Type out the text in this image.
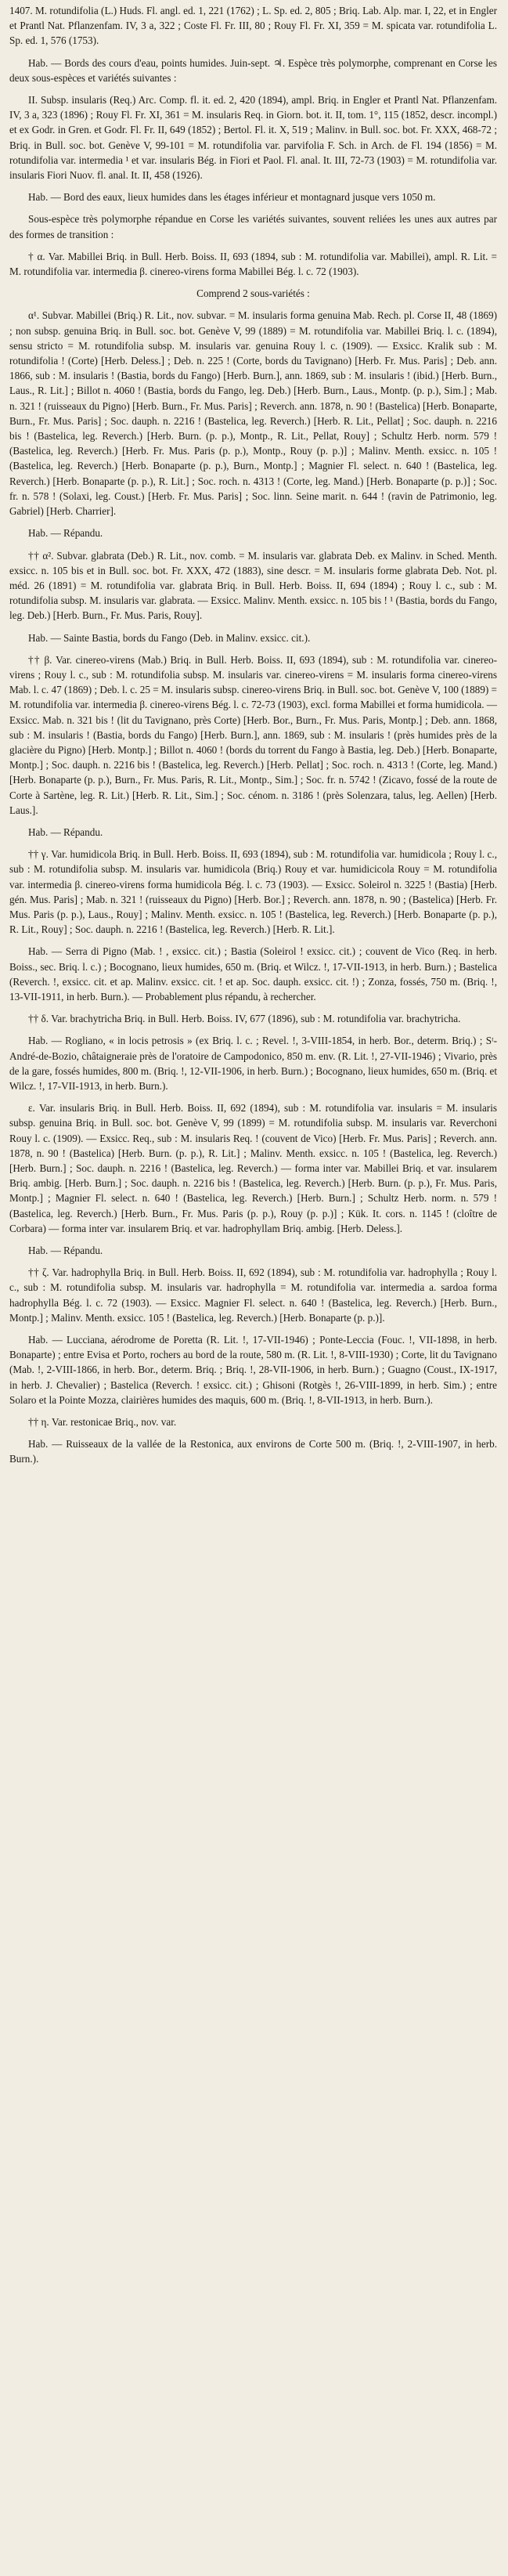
1407. M. rotundifolia (L.) Huds. Fl. angl. ed. 1, 221 (1762) ; L. Sp. ed. 2, 805 ; Briq. Lab. Alp. mar. I, 22, et in Engler et Prantl Nat. Pflanzenfam. IV, 3 a, 322 ; Coste Fl. Fr. III, 80 ; Rouy Fl. Fr. XI, 359 = M. spicata var. rotundifolia L. Sp. ed. 1, 576 (1753).

Hab. — Bords des cours d'eau, points humides. Juin-sept. ♃. Espèce très polymorphe, comprenant en Corse les deux sous-espèces et variétés suivantes :

II. Subsp. insularis (Req.) Arc. Comp. fl. it. ed. 2, 420 (1894), ampl. Briq. in Engler et Prantl Nat. Pflanzenfam. IV, 3 a, 323 (1896) ; Rouy Fl. Fr. XI, 361 = M. insularis Req. in Giorn. bot. it. II, tom. 1°, 115 (1852, descr. incompl.) et ex Godr. in Gren. et Godr. Fl. Fr. II, 649 (1852) ; Bertol. Fl. it. X, 519 ; Malinv. in Bull. soc. bot. Fr. XXX, 468-72 ; Briq. in Bull. soc. bot. Genève V, 99-101 = M. rotundifolia var. parvifolia F. Sch. in Arch. de Fl. 194 (1856) = M. rotundifolia var. intermedia ¹ et var. insularis Bég. in Fiori et Paol. Fl. anal. It. III, 72-73 (1903) = M. rotundifolia var. insularis Fiori Nuov. fl. anal. It. II, 458 (1926).

Hab. — Bord des eaux, lieux humides dans les étages inférieur et montagnard jusque vers 1050 m.

Sous-espèce très polymorphe répandue en Corse les variétés suivantes, souvent reliées les unes aux autres par des formes de transition :

† α. Var. Mabillei Briq. in Bull. Herb. Boiss. II, 693 (1894, sub : M. rotundifolia var. Mabillei), ampl. R. Lit. = M. rotundifolia var. intermedia β. cinereo-virens forma Mabillei Bég. l. c. 72 (1903).

Comprend 2 sous-variétés :

α¹. Subvar. Mabillei (Briq.) R. Lit., nov. subvar. = M. insularis forma genuina Mab. Rech. pl. Corse II, 48 (1869) ; non subsp. genuina Briq. in Bull. soc. bot. Genève V, 99 (1889) = M. rotundifolia var. Mabillei Briq. l. c. (1894), sensu stricto = M. rotundifolia subsp. M. insularis var. genuina Rouy l. c. (1909). — Exsicc. Kralik sub : M. rotundifolia ! (Corte) [Herb. Deless.] ; Deb. n. 225 ! (Corte, bords du Tavignano) [Herb. Fr. Mus. Paris] ; Deb. ann. 1866, sub : M. insularis ! (Bastia, bords du Fango) [Herb. Burn.], ann. 1869, sub : M. insularis ! (ibid.) [Herb. Burn., Laus., R. Lit.] ; Billot n. 4060 ! (Bastia, bords du Fango, leg. Deb.) [Herb. Burn., Laus., Montp. (p. p.), Sim.] ; Mab. n. 321 ! (ruisseaux du Pigno) [Herb. Burn., Fr. Mus. Paris] ; Reverch. ann. 1878, n. 90 ! (Bastelica) [Herb. Bonaparte, Burn., Fr. Mus. Paris] ; Soc. dauph. n. 2216 ! (Bastelica, leg. Reverch.) [Herb. R. Lit., Pellat] ; Soc. dauph. n. 2216 bis ! (Bastelica, leg. Reverch.) [Herb. Burn. (p. p.), Montp., R. Lit., Pellat, Rouy] ; Schultz Herb. norm. 579 ! (Bastelica, leg. Reverch.) [Herb. Fr. Mus. Paris (p. p.), Montp., Rouy (p. p.)] ; Malinv. Menth. exsicc. n. 105 ! (Bastelica, leg. Reverch.) [Herb. Bonaparte (p. p.), Burn., Montp.] ; Magnier Fl. select. n. 640 ! (Bastelica, leg. Reverch.) [Herb. Bonaparte (p. p.), R. Lit.] ; Soc. roch. n. 4313 ! (Corte, leg. Mand.) [Herb. Bonaparte (p. p.)] ; Soc. fr. n. 578 ! (Solaxi, leg. Coust.) [Herb. Fr. Mus. Paris] ; Soc. linn. Seine marit. n. 644 ! (ravin de Patrimonio, leg. Gabriel) [Herb. Charrier].

Hab. — Répandu.

†† α². Subvar. glabrata (Deb.) R. Lit., nov. comb. = M. insularis var. glabrata Deb. ex Malinv. in Sched. Menth. exsicc. n. 105 bis et in Bull. soc. bot. Fr. XXX, 472 (1883), sine descr. = M. insularis forme glabrata Deb. Not. pl. méd. 26 (1891) = M. rotundifolia var. glabrata Briq. in Bull. Herb. Boiss. II, 694 (1894) ; Rouy l. c., sub : M. rotundifolia subsp. M. insularis var. glabrata. — Exsicc. Malinv. Menth. exsicc. n. 105 bis ! ¹ (Bastia, bords du Fango, leg. Deb.) [Herb. Burn., Fr. Mus. Paris, Rouy].

Hab. — Sainte Bastia, bords du Fango (Deb. in Malinv. exsicc. cit.).

†† β. Var. cinereo-virens (Mab.) Briq. in Bull. Herb. Boiss. II, 693 (1894), sub : M. rotundifolia var. cinereo-virens ; Rouy l. c., sub : M. rotundifolia subsp. M. insularis var. cinereo-virens = M. insularis forma cinereo-virens Mab. l. c. 47 (1869) ; Deb. l. c. 25 = M. insularis subsp. cinereo-virens Briq. in Bull. soc. bot. Genève V, 100 (1889) = M. rotundifolia var. intermedia β. cinereo-virens Bég. l. c. 72-73 (1903), excl. forma Mabillei et forma humidicola. — Exsicc. Mab. n. 321 bis ! (lit du Tavignano, près Corte) [Herb. Bor., Burn., Fr. Mus. Paris, Montp.] ; Deb. ann. 1868, sub : M. insularis ! (Bastia, bords du Fango) [Herb. Burn.], ann. 1869, sub : M. insularis ! (près humides près de la glacière du Pigno) [Herb. Montp.] ; Billot n. 4060 ! (bords du torrent du Fango à Bastia, leg. Deb.) [Herb. Bonaparte, Montp.] ; Soc. dauph. n. 2216 bis ! (Bastelica, leg. Reverch.) [Herb. Pellat] ; Soc. roch. n. 4313 ! (Corte, leg. Mand.) [Herb. Bonaparte (p. p.), Burn., Fr. Mus. Paris, R. Lit., Montp., Sim.] ; Soc. fr. n. 5742 ! (Zicavo, fossé de la route de Corte à Sartène, leg. R. Lit.) [Herb. R. Lit., Sim.] ; Soc. cénom. n. 3186 ! (près Solenzara, talus, leg. Aellen) [Herb. Laus.].

Hab. — Répandu.

†† γ. Var. humidicola Briq. in Bull. Herb. Boiss. II, 693 (1894), sub : M. rotundifolia var. humidicola ; Rouy l. c., sub : M. rotundifolia subsp. M. insularis var. humidicola (Briq.) Rouy et var. humidicicola Rouy = M. rotundifolia var. intermedia β. cinereo-virens forma humidicola Bég. l. c. 73 (1903). — Exsicc. Soleirol n. 3225 ! (Bastia) [Herb. gén. Mus. Paris] ; Mab. n. 321 ! (ruisseaux du Pigno) [Herb. Bor.] ; Reverch. ann. 1878, n. 90 ; (Bastelica) [Herb. Fr. Mus. Paris (p. p.), Laus., Rouy] ; Malinv. Menth. exsicc. n. 105 ! (Bastelica, leg. Reverch.) [Herb. Bonaparte (p. p.), R. Lit., Rouy] ; Soc. dauph. n. 2216 ! (Bastelica, leg. Reverch.) [Herb. R. Lit.].

Hab. — Serra di Pigno (Mab. ! , exsicc. cit.) ; Bastia (Soleirol ! exsicc. cit.) ; couvent de Vico (Req. in herb. Boiss., sec. Briq. l. c.) ; Bocognano, lieux humides, 650 m. (Briq. et Wilcz. !, 17-VII-1913, in herb. Burn.) ; Bastelica (Reverch. !, exsicc. cit. et ap. Malinv. exsicc. cit. ! et ap. Soc. dauph. exsicc. cit. !) ; Zonza, fossés, 750 m. (Briq. !, 13-VII-1911, in herb. Burn.). — Probablement plus répandu, à rechercher.

†† δ. Var. brachytricha Briq. in Bull. Herb. Boiss. IV, 677 (1896), sub : M. rotundifolia var. brachytricha.

Hab. — Rogliano, « in locis petrosis » (ex Briq. l. c. ; Revel. !, 3-VIII-1854, in herb. Bor., determ. Briq.) ; Sᵗ-André-de-Bozio, châtaigneraie près de l'oratoire de Campodonico, 850 m. env. (R. Lit. !, 27-VII-1946) ; Vivario, près de la gare, fossés humides, 800 m. (Briq. !, 12-VII-1906, in herb. Burn.) ; Bocognano, lieux humides, 650 m. (Briq. et Wilcz. !, 17-VII-1913, in herb. Burn.).

ε. Var. insularis Briq. in Bull. Herb. Boiss. II, 692 (1894), sub : M. rotundifolia var. insularis = M. insularis subsp. genuina Briq. in Bull. soc. bot. Genève V, 99 (1899) = M. rotundifolia subsp. M. insularis var. Reverchoni Rouy l. c. (1909). — Exsicc. Req., sub : M. insularis Req. ! (couvent de Vico) [Herb. Fr. Mus. Paris] ; Reverch. ann. 1878, n. 90 ! (Bastelica) [Herb. Burn. (p. p.), R. Lit.] ; Malinv. Menth. exsicc. n. 105 ! (Bastelica, leg. Reverch.) [Herb. Burn.] ; Soc. dauph. n. 2216 ! (Bastelica, leg. Reverch.) — forma inter var. Mabillei Briq. et var. insularem Briq. ambig. [Herb. Burn.] ; Soc. dauph. n. 2216 bis ! (Bastelica, leg. Reverch.) [Herb. Burn. (p. p.), Fr. Mus. Paris, Montp.] ; Magnier Fl. select. n. 640 ! (Bastelica, leg. Reverch.) [Herb. Burn.] ; Schultz Herb. norm. n. 579 ! (Bastelica, leg. Reverch.) [Herb. Burn., Fr. Mus. Paris (p. p.), Rouy (p. p.)] ; Kük. It. cors. n. 1145 ! (cloître de Corbara) — forma inter var. insularem Briq. et var. hadrophyllam Briq. ambig. [Herb. Deless.].

Hab. — Répandu.

†† ζ. Var. hadrophylla Briq. in Bull. Herb. Boiss. II, 692 (1894), sub : M. rotundifolia var. hadrophylla ; Rouy l. c., sub : M. rotundifolia subsp. M. insularis var. hadrophylla = M. rotundifolia var. intermedia a. sardoa forma hadrophylla Bég. l. c. 72 (1903). — Exsicc. Magnier Fl. select. n. 640 ! (Bastelica, leg. Reverch.) [Herb. Burn., Montp.] ; Malinv. Menth. exsicc. 105 ! (Bastelica, leg. Reverch.) [Herb. Bonaparte (p. p.)].

Hab. — Lucciana, aérodrome de Poretta (R. Lit. !, 17-VII-1946) ; Ponte-Leccia (Fouc. !, VII-1898, in herb. Bonaparte) ; entre Evisa et Porto, rochers au bord de la route, 580 m. (R. Lit. !, 8-VIII-1930) ; Corte, lit du Tavignano (Mab. !, 2-VIII-1866, in herb. Bor., determ. Briq. ; Briq. !, 28-VII-1906, in herb. Burn.) ; Guagno (Coust., IX-1917, in herb. J. Chevalier) ; Bastelica (Reverch. ! exsicc. cit.) ; Ghisoni (Rotgès !, 26-VIII-1899, in herb. Sim.) ; entre Solaro et la Pointe Mozza, clairières humides des maquis, 600 m. (Briq. !, 8-VII-1913, in herb. Burn.).

†† η. Var. restonicae Briq., nov. var.

Hab. — Ruisseaux de la vallée de la Restonica, aux environs de Corte 500 m. (Briq. !, 2-VIII-1907, in herb. Burn.).
